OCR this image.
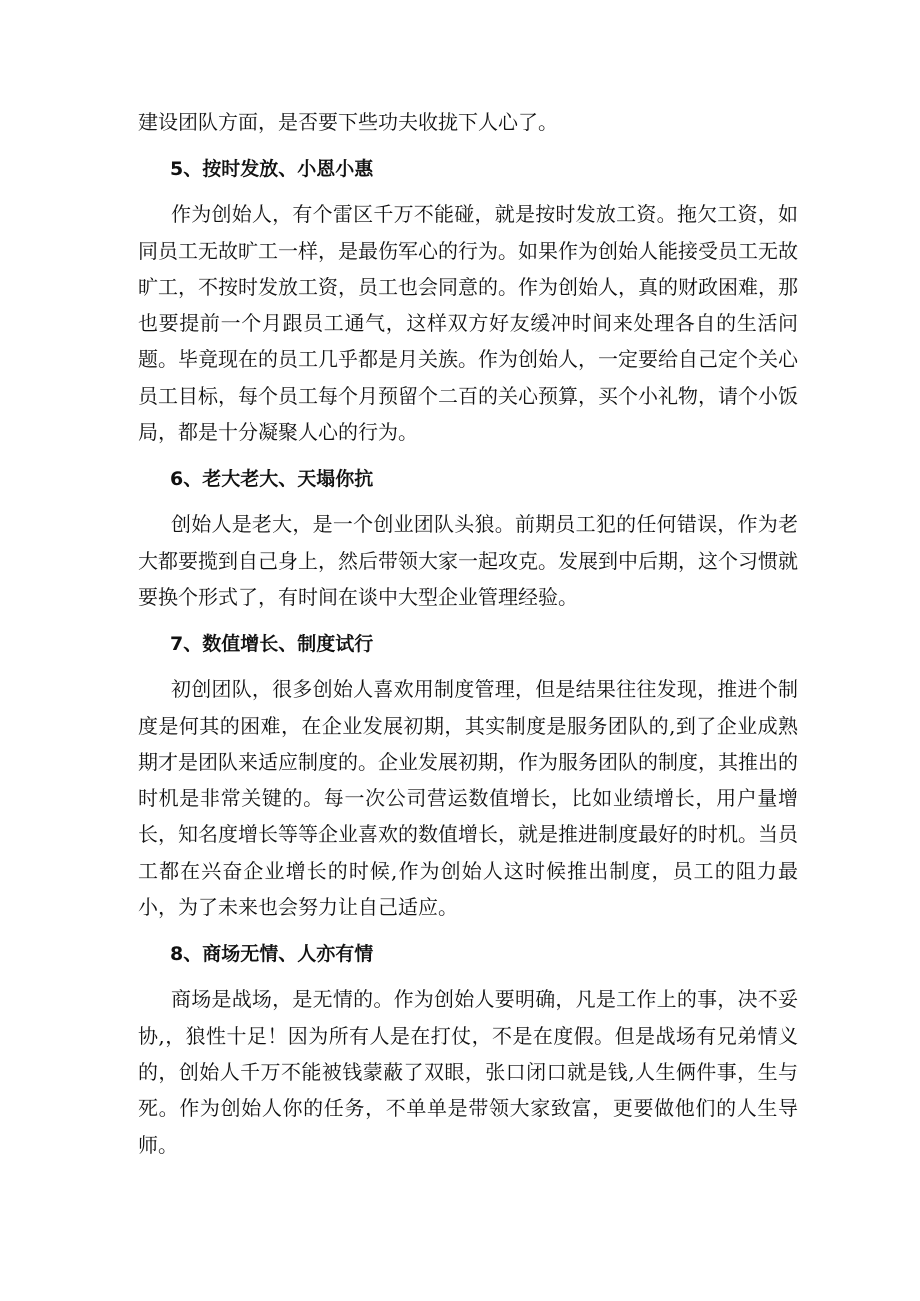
建设团队方面，是否要下些功夫收拢下人心了。

5、按时发放、小恩小惠

作为创始人，有个雷区千万不能碰，就是按时发放工资。拖欠工资，如同员工无故旷工一样，是最伤军心的行为。如果作为创始人能接受员工无故旷工，不按时发放工资，员工也会同意的。作为创始人，真的财政困难，那也要提前一个月跟员工通气，这样双方好友缓冲时间来处理各自的生活问题。毕竟现在的员工几乎都是月关族。作为创始人，一定要给自己定个关心员工目标，每个员工每个月预留个二百的关心预算，买个小礼物，请个小饭局，都是十分凝聚人心的行为。

6、老大老大、天塌你抗

创始人是老大，是一个创业团队头狼。前期员工犯的任何错误，作为老大都要揽到自己身上，然后带领大家一起攻克。发展到中后期，这个习惯就要换个形式了，有时间在谈中大型企业管理经验。

7、数值增长、制度试行

初创团队，很多创始人喜欢用制度管理，但是结果往往发现，推进个制度是何其的困难，在企业发展初期，其实制度是服务团队的,到了企业成熟期才是团队来适应制度的。企业发展初期，作为服务团队的制度，其推出的时机是非常关键的。每一次公司营运数值增长，比如业绩增长，用户量增长，知名度增长等等企业喜欢的数值增长，就是推进制度最好的时机。当员工都在兴奋企业增长的时候,作为创始人这时候推出制度，员工的阻力最小，为了未来也会努力让自己适应。

8、商场无情、人亦有情

商场是战场，是无情的。作为创始人要明确，凡是工作上的事，决不妥协,，狼性十足！因为所有人是在打仗，不是在度假。但是战场有兄弟情义的，创始人千万不能被钱蒙蔽了双眼，张口闭口就是钱,人生俩件事，生与死。作为创始人你的任务，不单单是带领大家致富，更要做他们的人生导师。
